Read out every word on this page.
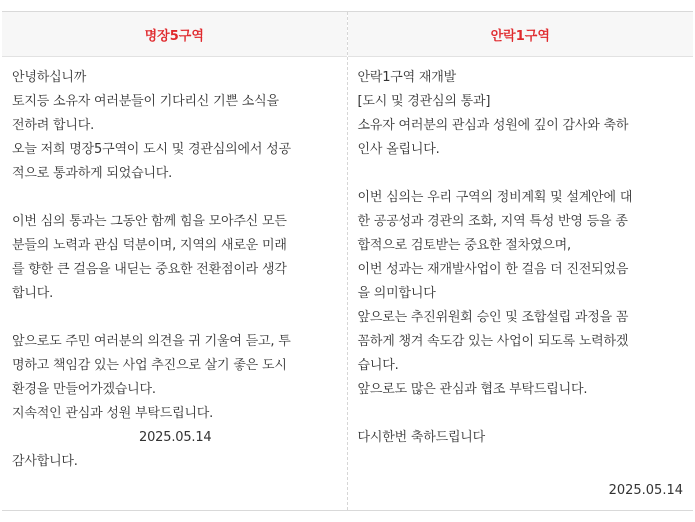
명장5구역

안녕하십니까

토지등 소유자 여러분들이 기다리신 기쁜 소식을

전하려 합니다.

오늘 저희 명장5구역이 도시 및 경관심의에서 성공

적으로 통과하게 되었습니다.

이번 심의 통과는 그동안 함께 힘을 모아주신 모든

분들의 노력과 관심 덕분이며, 지역의 새로운 미래

를 향한 큰 걸음을 내딛는 중요한 전환점이라 생각

합니다.

앞으로도 주민 여러분의 의견을 귀 기울여 듣고, 투

명하고 책임감 있는 사업 추진으로 살기 좋은 도시

환경을 만들어가겠습니다.

지속적인 관심과 성원 부탁드립니다.

2025.05.14

감사합니다.

안락1구역

안락1구역 재개발

[도시 및 경관심의 통과]

소유자 여러분의 관심과 성원에 깊이 감사와 축하

인사 올립니다.

이번 심의는 우리 구역의 정비계획 및 설계안에 대

한 공공성과 경관의 조화, 지역 특성 반영 등을 종

합적으로 검토받는 중요한 절차였으며,

이번 성과는 재개발사업이 한 걸음 더 진전되었음

을 의미합니다

앞으로는 추진위원회 승인 및 조합설립 과정을 꼼

꼼하게 챙겨 속도감 있는 사업이 되도록 노력하겠

습니다.

앞으로도 많은 관심과 협조 부탁드립니다.

다시한번 축하드립니다

2025.05.14
